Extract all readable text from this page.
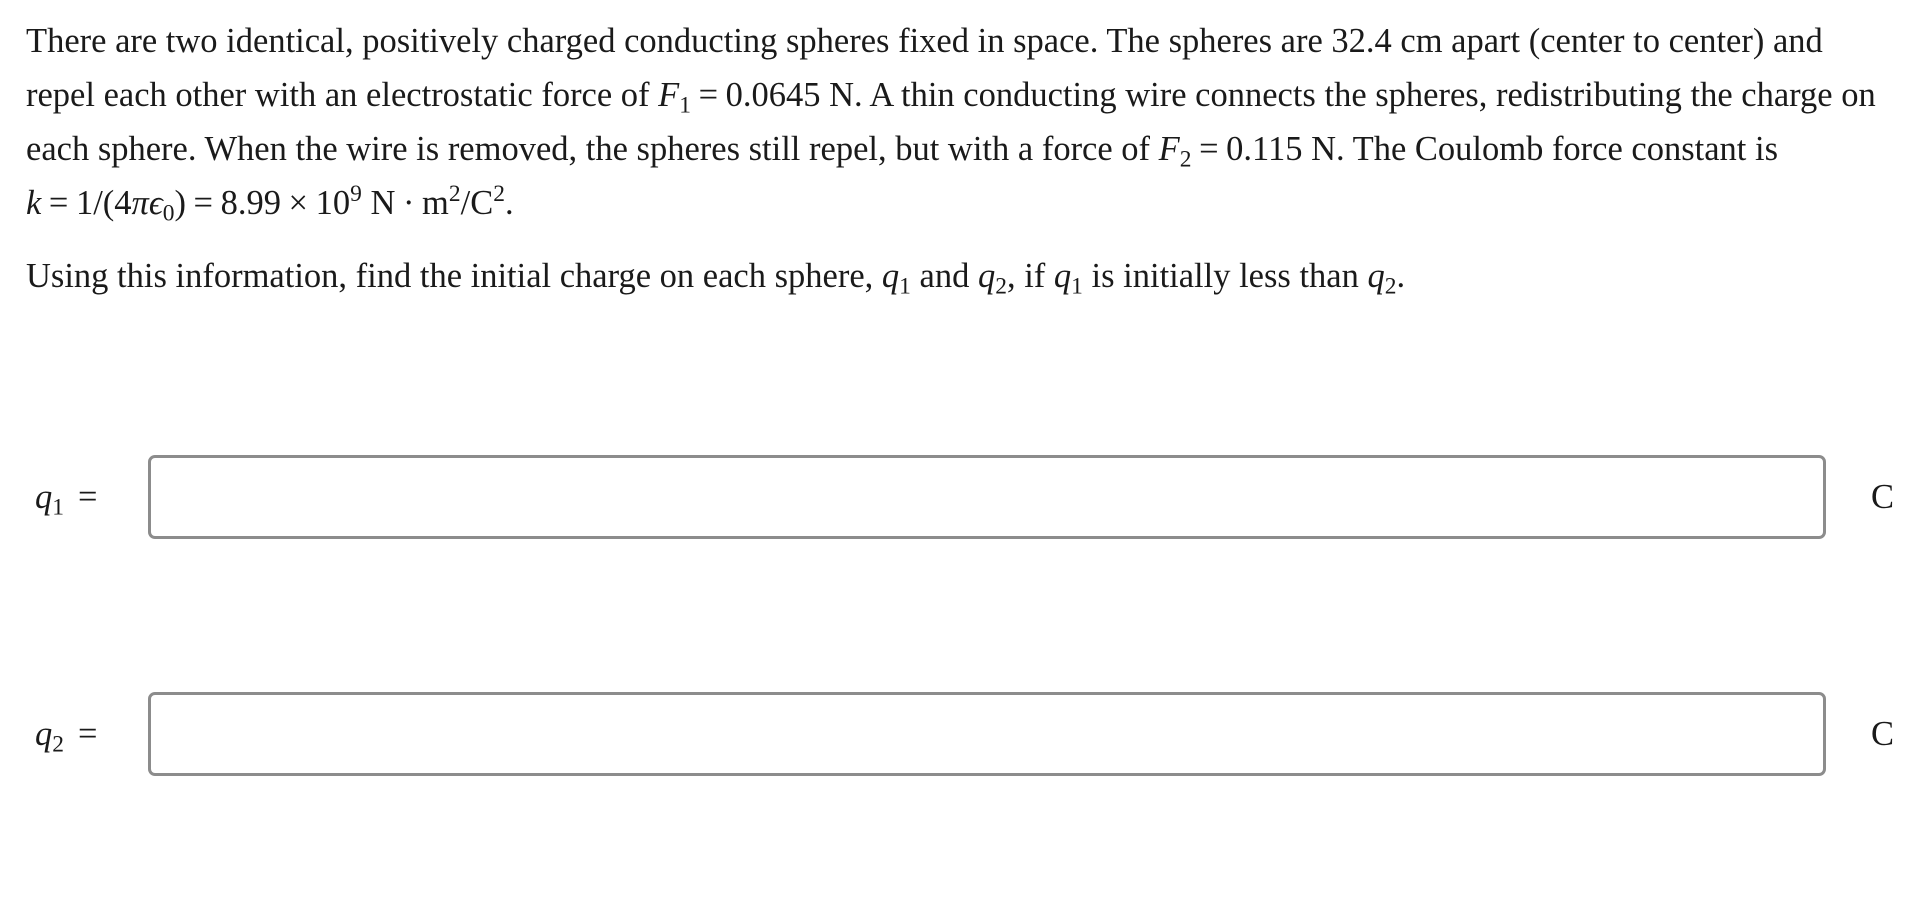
There are two identical, positively charged conducting spheres fixed in space. The spheres are 32.4 cm apart (center to center) and repel each other with an electrostatic force of $F_1 = 0.0645$ N. A thin conducting wire connects the spheres, redistributing the charge on each sphere. When the wire is removed, the spheres still repel, but with a force of $F_2 = 0.115$ N. The Coulomb force constant is $k = 1/(4\pi\epsilon_0) = 8.99 \times 10^9$ $N \cdot m^2/C^2$.

Using this information, find the initial charge on each sphere, $q_1$ and $q_2$, if $q_1$ is initially less than $q_2$.

$q_1$ =	C
$q_2$ =	C
